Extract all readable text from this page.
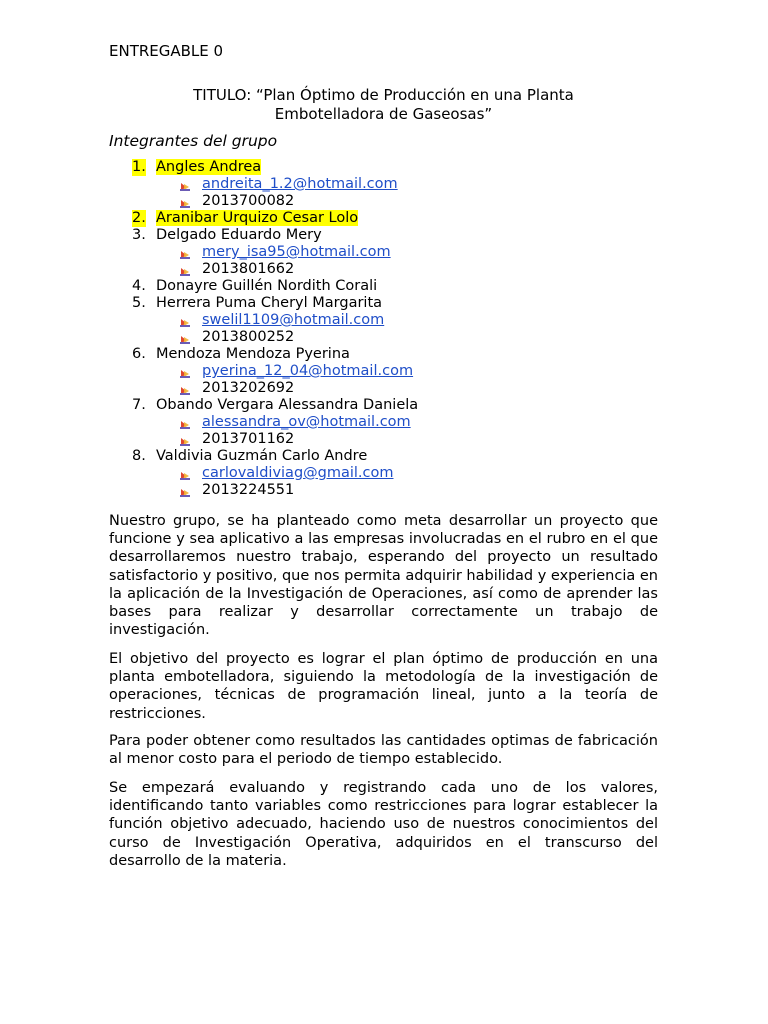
ENTREGABLE 0
TITULO: “Plan Óptimo de Producción en una Planta
Embotelladora de Gaseosas”
Integrantes del grupo
1. Angles Andrea
andreita_1.2@hotmail.com
2013700082
2. Aranibar Urquizo Cesar Lolo
3. Delgado Eduardo Mery
mery_isa95@hotmail.com
2013801662
4. Donayre Guillén Nordith Corali
5. Herrera Puma Cheryl Margarita
swelil1109@hotmail.com
2013800252
6. Mendoza Mendoza Pyerina
pyerina_12_04@hotmail.com
2013202692
7. Obando Vergara Alessandra Daniela
alessandra_ov@hotmail.com
2013701162
8. Valdivia Guzmán Carlo Andre
carlovaldiviag@gmail.com
2013224551
Nuestro grupo, se ha planteado como meta desarrollar un proyecto que funcione y sea aplicativo a las empresas involucradas en el rubro en el que desarrollaremos nuestro trabajo, esperando del proyecto un resultado satisfactorio y positivo, que nos permita adquirir habilidad y experiencia en la aplicación de la Investigación de Operaciones, así como de aprender las bases para realizar y desarrollar correctamente un trabajo de investigación.
El objetivo del proyecto es lograr el plan óptimo de producción en una planta embotelladora, siguiendo la metodología de la investigación de operaciones, técnicas de programación lineal, junto a la teoría de restricciones.
Para poder obtener como resultados las cantidades optimas de fabricación al menor costo para el periodo de tiempo establecido.
Se empezará evaluando y registrando cada uno de los valores, identificando tanto variables como restricciones para lograr establecer la función objetivo adecuado, haciendo uso de nuestros conocimientos del curso de Investigación Operativa, adquiridos en el transcurso del desarrollo de la materia.
